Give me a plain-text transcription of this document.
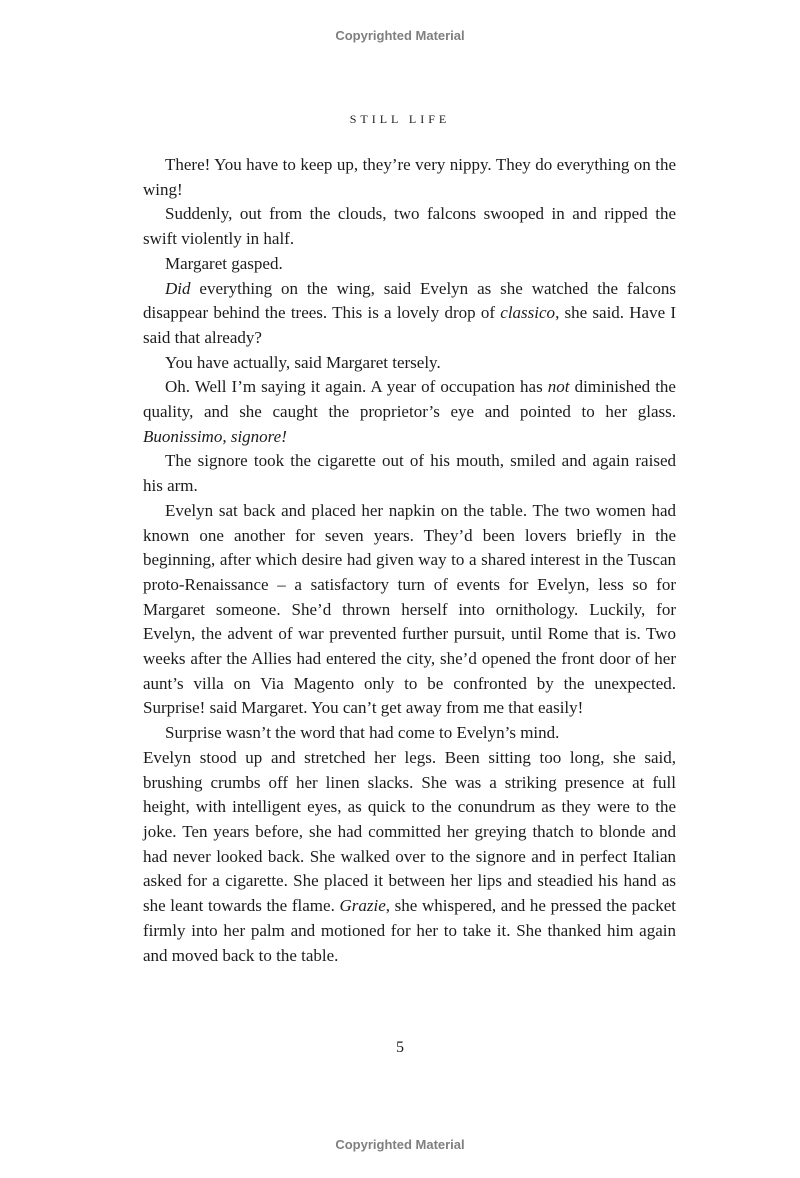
Copyrighted Material
STILL LIFE

There! You have to keep up, they’re very nippy. They do everything on the wing!

Suddenly, out from the clouds, two falcons swooped in and ripped the swift violently in half.

Margaret gasped.

Did everything on the wing, said Evelyn as she watched the falcons disappear behind the trees. This is a lovely drop of classico, she said. Have I said that already?

You have actually, said Margaret tersely.

Oh. Well I’m saying it again. A year of occupation has not diminished the quality, and she caught the proprietor’s eye and pointed to her glass. Buonissimo, signore!

The signore took the cigarette out of his mouth, smiled and again raised his arm.

Evelyn sat back and placed her napkin on the table. The two women had known one another for seven years. They’d been lovers briefly in the beginning, after which desire had given way to a shared interest in the Tuscan proto-Renaissance – a satisfactory turn of events for Evelyn, less so for Margaret someone. She’d thrown herself into ornithology. Luckily, for Evelyn, the advent of war prevented further pursuit, until Rome that is. Two weeks after the Allies had entered the city, she’d opened the front door of her aunt’s villa on Via Magento only to be confronted by the unexpected. Surprise! said Margaret. You can’t get away from me that easily!

Surprise wasn’t the word that had come to Evelyn’s mind.

Evelyn stood up and stretched her legs. Been sitting too long, she said, brushing crumbs off her linen slacks. She was a striking presence at full height, with intelligent eyes, as quick to the conundrum as they were to the joke. Ten years before, she had committed her greying thatch to blonde and had never looked back. She walked over to the signore and in perfect Italian asked for a cigarette. She placed it between her lips and steadied his hand as she leant towards the flame. Grazie, she whispered, and he pressed the packet firmly into her palm and motioned for her to take it. She thanked him again and moved back to the table.

5
Copyrighted Material
